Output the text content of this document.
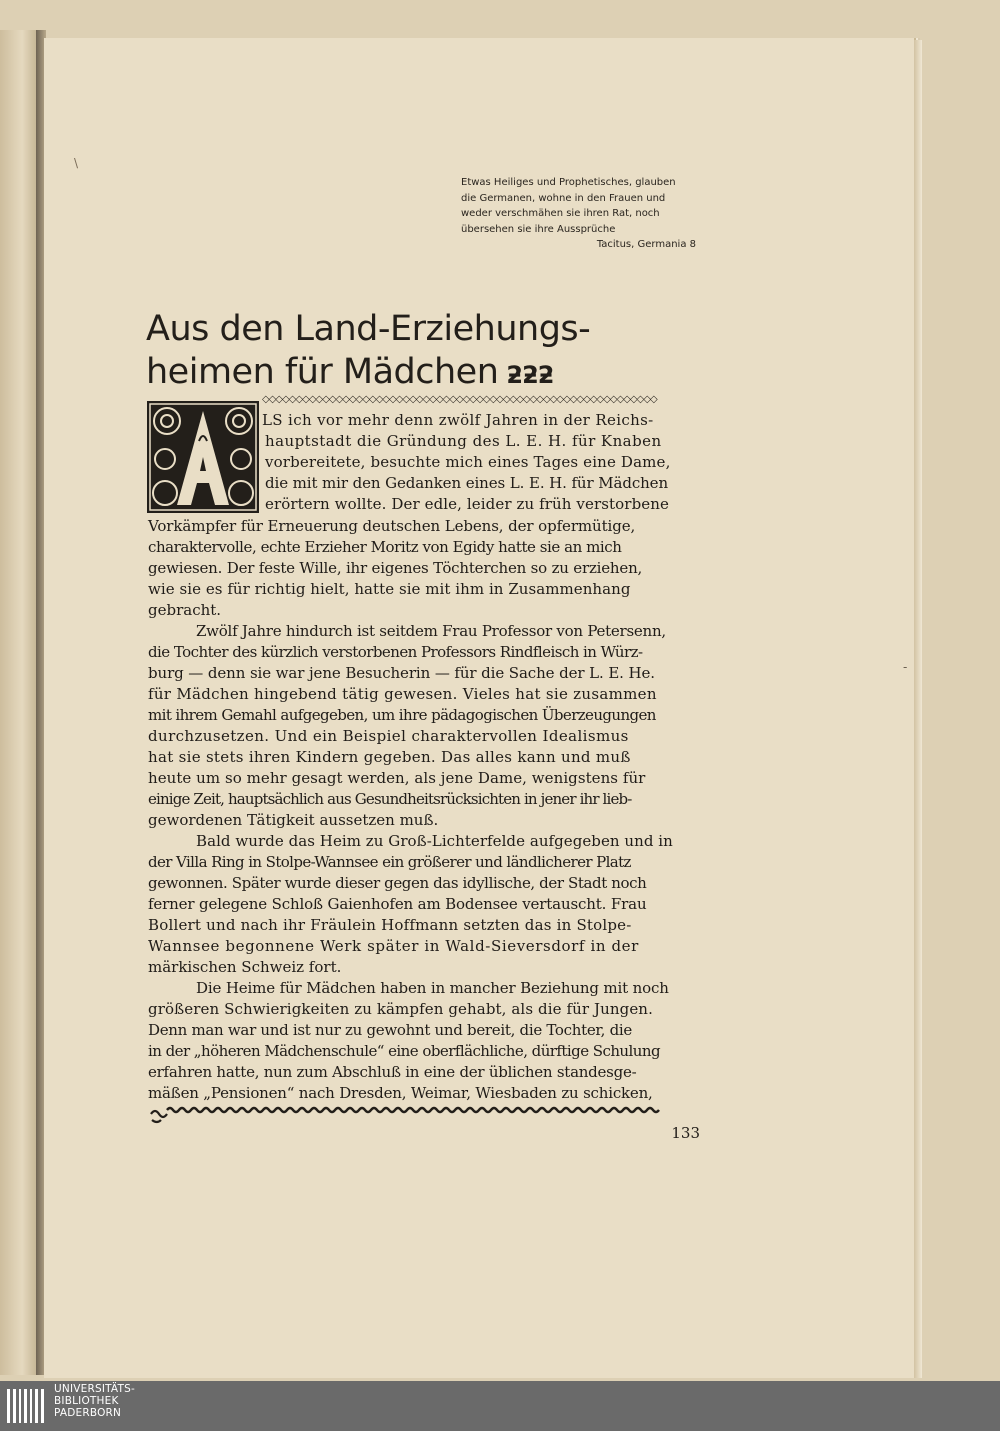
\
-
Etwas Heiliges und Prophetisches, glauben
die Germanen, wohne in den Frauen und
weder verschmähen sie ihren Rat, noch
übersehen sie ihre Aussprüche
Tacitus, Germania 8
Aus den Land-Erziehungs-
heimen für Mädchen ƻƻƻ
◇◇◇◇◇◇◇◇◇◇◇◇◇◇◇◇◇◇◇◇◇◇◇◇◇◇◇◇◇◇◇◇◇◇◇◇◇◇◇◇◇◇◇◇◇◇◇◇◇◇◇◇◇◇◇◇◇◇◇
LS ich vor mehr denn zwölf Jahren in der Reichs-
hauptstadt die Gründung des L. E. H. für Knaben
vorbereitete, besuchte mich eines Tages eine Dame,
die mit mir den Gedanken eines L. E. H. für Mädchen
erörtern wollte. Der edle, leider zu früh verstorbene
Vorkämpfer für Erneuerung deutschen Lebens, der opfermütige,
charaktervolle, echte Erzieher Moritz von Egidy hatte sie an mich
gewiesen. Der feste Wille, ihr eigenes Töchterchen so zu erziehen,
wie sie es für richtig hielt, hatte sie mit ihm in Zusammenhang
gebracht.
Zwölf Jahre hindurch ist seitdem Frau Professor von Petersenn,
die Tochter des kürzlich verstorbenen Professors Rindfleisch in Würz-
burg — denn sie war jene Besucherin — für die Sache der L. E. He.
für Mädchen hingebend tätig gewesen. Vieles hat sie zusammen
mit ihrem Gemahl aufgegeben, um ihre pädagogischen Überzeugungen
durchzusetzen. Und ein Beispiel charaktervollen Idealismus
hat sie stets ihren Kindern gegeben. Das alles kann und muß
heute um so mehr gesagt werden, als jene Dame, wenigstens für
einige Zeit, hauptsächlich aus Gesundheitsrücksichten in jener ihr lieb-
gewordenen Tätigkeit aussetzen muß.
Bald wurde das Heim zu Groß-Lichterfelde aufgegeben und in
der Villa Ring in Stolpe-Wannsee ein größerer und ländlicherer Platz
gewonnen. Später wurde dieser gegen das idyllische, der Stadt noch
ferner gelegene Schloß Gaienhofen am Bodensee vertauscht. Frau
Bollert und nach ihr Fräulein Hoffmann setzten das in Stolpe-
Wannsee begonnene Werk später in Wald-Sieversdorf in der
märkischen Schweiz fort.
Die Heime für Mädchen haben in mancher Beziehung mit noch
größeren Schwierigkeiten zu kämpfen gehabt, als die für Jungen.
Denn man war und ist nur zu gewohnt und bereit, die Tochter, die
in der „höheren Mädchenschule“ eine oberflächliche, dürftige Schulung
erfahren hatte, nun zum Abschluß in eine der üblichen standesge-
mäßen „Pensionen“ nach Dresden, Weimar, Wiesbaden zu schicken,
133
UNIVERSITÄTS-
BIBLIOTHEK
PADERBORN
